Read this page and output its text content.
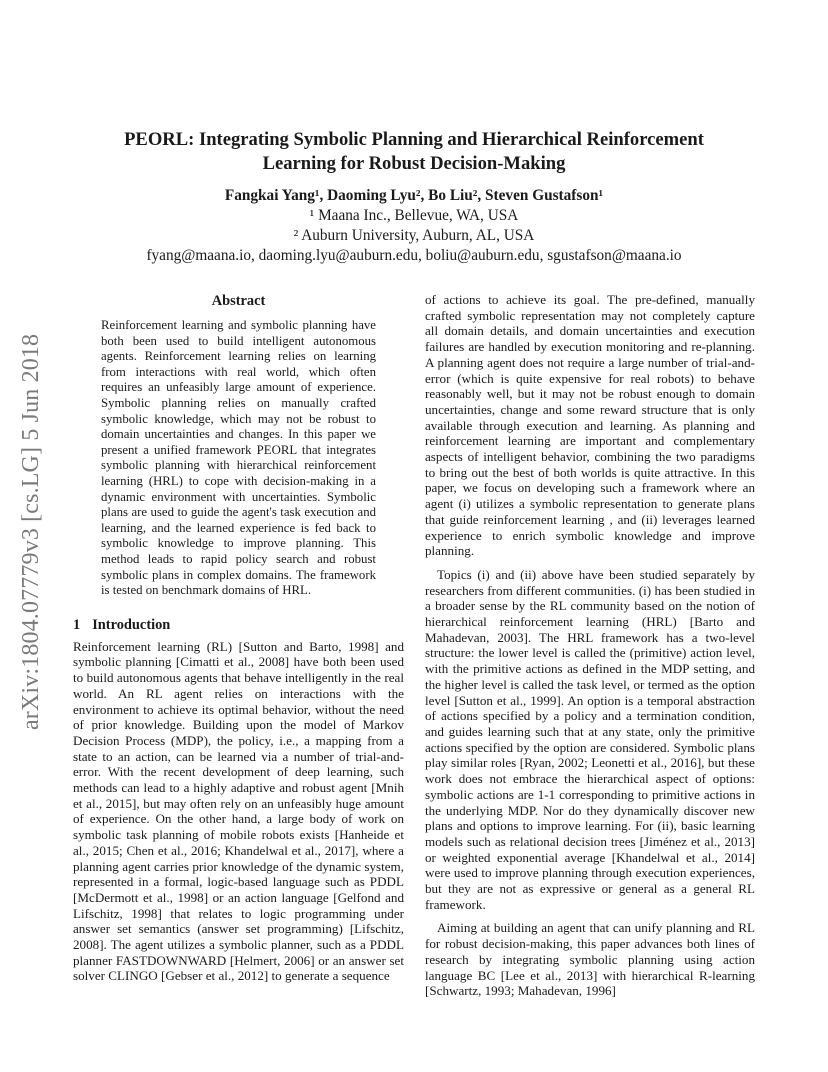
PEORL: Integrating Symbolic Planning and Hierarchical Reinforcement Learning for Robust Decision-Making
Fangkai Yang¹, Daoming Lyu², Bo Liu², Steven Gustafson¹
¹ Maana Inc., Bellevue, WA, USA
² Auburn University, Auburn, AL, USA
fyang@maana.io, daoming.lyu@auburn.edu, boliu@auburn.edu, sgustafson@maana.io
arXiv:1804.07779v3 [cs.LG] 5 Jun 2018
Abstract

Reinforcement learning and symbolic planning have both been used to build intelligent autonomous agents. Reinforcement learning relies on learning from interactions with real world, which often requires an unfeasibly large amount of experience. Symbolic planning relies on manually crafted symbolic knowledge, which may not be robust to domain uncertainties and changes. In this paper we present a unified framework PEORL that integrates symbolic planning with hierarchical reinforcement learning (HRL) to cope with decision-making in a dynamic environment with uncertainties. Symbolic plans are used to guide the agent's task execution and learning, and the learned experience is fed back to symbolic knowledge to improve planning. This method leads to rapid policy search and robust symbolic plans in complex domains. The framework is tested on benchmark domains of HRL.

1 Introduction

Reinforcement learning (RL) [Sutton and Barto, 1998] and symbolic planning [Cimatti et al., 2008] have both been used to build autonomous agents that behave intelligently in the real world. An RL agent relies on interactions with the environment to achieve its optimal behavior, without the need of prior knowledge. Building upon the model of Markov Decision Process (MDP), the policy, i.e., a mapping from a state to an action, can be learned via a number of trial-and-error. With the recent development of deep learning, such methods can lead to a highly adaptive and robust agent [Mnih et al., 2015], but may often rely on an unfeasibly huge amount of experience. On the other hand, a large body of work on symbolic task planning of mobile robots exists [Hanheide et al., 2015; Chen et al., 2016; Khandelwal et al., 2017], where a planning agent carries prior knowledge of the dynamic system, represented in a formal, logic-based language such as PDDL [McDermott et al., 1998] or an action language [Gelfond and Lifschitz, 1998] that relates to logic programming under answer set semantics (answer set programming) [Lifschitz, 2008]. The agent utilizes a symbolic planner, such as a PDDL planner FASTDOWNWARD [Helmert, 2006] or an answer set solver CLINGO [Gebser et al., 2012] to generate a sequence

of actions to achieve its goal. The pre-defined, manually crafted symbolic representation may not completely capture all domain details, and domain uncertainties and execution failures are handled by execution monitoring and re-planning. A planning agent does not require a large number of trial-and-error (which is quite expensive for real robots) to behave reasonably well, but it may not be robust enough to domain uncertainties, change and some reward structure that is only available through execution and learning. As planning and reinforcement learning are important and complementary aspects of intelligent behavior, combining the two paradigms to bring out the best of both worlds is quite attractive. In this paper, we focus on developing such a framework where an agent (i) utilizes a symbolic representation to generate plans that guide reinforcement learning , and (ii) leverages learned experience to enrich symbolic knowledge and improve planning.

Topics (i) and (ii) above have been studied separately by researchers from different communities. (i) has been studied in a broader sense by the RL community based on the notion of hierarchical reinforcement learning (HRL) [Barto and Mahadevan, 2003]. The HRL framework has a two-level structure: the lower level is called the (primitive) action level, with the primitive actions as defined in the MDP setting, and the higher level is called the task level, or termed as the option level [Sutton et al., 1999]. An option is a temporal abstraction of actions specified by a policy and a termination condition, and guides learning such that at any state, only the primitive actions specified by the option are considered. Symbolic plans play similar roles [Ryan, 2002; Leonetti et al., 2016], but these work does not embrace the hierarchical aspect of options: symbolic actions are 1-1 corresponding to primitive actions in the underlying MDP. Nor do they dynamically discover new plans and options to improve learning. For (ii), basic learning models such as relational decision trees [Jiménez et al., 2013] or weighted exponential average [Khandelwal et al., 2014] were used to improve planning through execution experiences, but they are not as expressive or general as a general RL framework.

Aiming at building an agent that can unify planning and RL for robust decision-making, this paper advances both lines of research by integrating symbolic planning using action language BC [Lee et al., 2013] with hierarchical R-learning [Schwartz, 1993; Mahadevan, 1996]
